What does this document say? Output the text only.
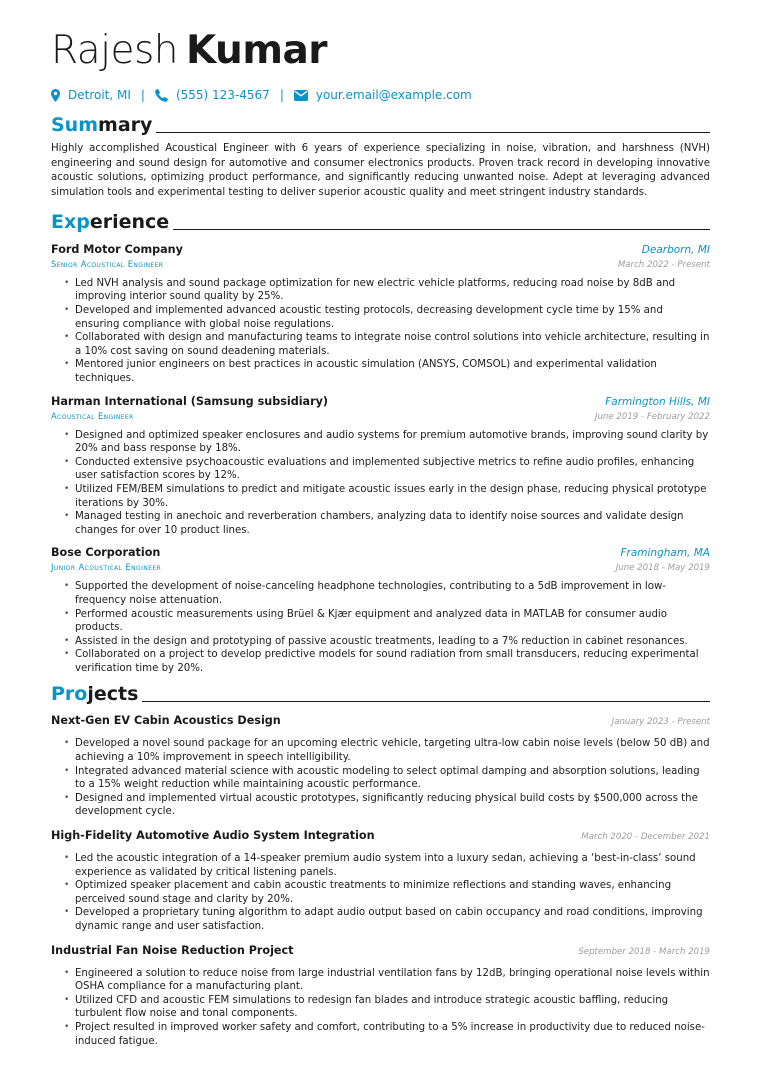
Rajesh Kumar
Detroit, MI |	(555) 123-4567 |	your.email@example.com
Summary

Highly accomplished Acoustical Engineer with 6 years of experience specializing in noise, vibration, and harshness (NVH) engineering and sound design for automotive and consumer electronics products. Proven track record in developing innovative acoustic solutions, optimizing product performance, and significantly reducing unwanted noise. Adept at leveraging advanced simulation tools and experimental testing to deliver superior acoustic quality and meet stringent industry standards.

Experience
Ford Motor Company	Dearborn, MI
Senior Acoustical Engineer	March 2022 - Present
• Led NVH analysis and sound package optimization for new electric vehicle platforms, reducing road noise by 8dB and improving interior sound quality by 25%.
• Developed and implemented advanced acoustic testing protocols, decreasing development cycle time by 15% and ensuring compliance with global noise regulations.
• Collaborated with design and manufacturing teams to integrate noise control solutions into vehicle architecture, resulting in a 10% cost saving on sound deadening materials.
• Mentored junior engineers on best practices in acoustic simulation (ANSYS, COMSOL) and experimental validation techniques.
Harman International (Samsung subsidiary)	Farmington Hills, MI
Acoustical Engineer	June 2019 - February 2022
• Designed and optimized speaker enclosures and audio systems for premium automotive brands, improving sound clarity by 20% and bass response by 18%.
• Conducted extensive psychoacoustic evaluations and implemented subjective metrics to refine audio profiles, enhancing user satisfaction scores by 12%.
• Utilized FEM/BEM simulations to predict and mitigate acoustic issues early in the design phase, reducing physical prototype iterations by 30%.
• Managed testing in anechoic and reverberation chambers, analyzing data to identify noise sources and validate design changes for over 10 product lines.
Bose Corporation	Framingham, MA
Junior Acoustical Engineer	June 2018 - May 2019
• Supported the development of noise-canceling headphone technologies, contributing to a 5dB improvement in low-frequency noise attenuation.
• Performed acoustic measurements using Brüel & Kjær equipment and analyzed data in MATLAB for consumer audio products.
• Assisted in the design and prototyping of passive acoustic treatments, leading to a 7% reduction in cabinet resonances.
• Collaborated on a project to develop predictive models for sound radiation from small transducers, reducing experimental verification time by 20%.
Projects
Next-Gen EV Cabin Acoustics Design	January 2023 - Present
• Developed a novel sound package for an upcoming electric vehicle, targeting ultra-low cabin noise levels (below 50 dB) and achieving a 10% improvement in speech intelligibility.
• Integrated advanced material science with acoustic modeling to select optimal damping and absorption solutions, leading to a 15% weight reduction while maintaining acoustic performance.
• Designed and implemented virtual acoustic prototypes, significantly reducing physical build costs by $500,000 across the development cycle.
High-Fidelity Automotive Audio System Integration	March 2020 - December 2021
• Led the acoustic integration of a 14-speaker premium audio system into a luxury sedan, achieving a ‘best-in-class’ sound experience as validated by critical listening panels.
• Optimized speaker placement and cabin acoustic treatments to minimize reflections and standing waves, enhancing perceived sound stage and clarity by 20%.
• Developed a proprietary tuning algorithm to adapt audio output based on cabin occupancy and road conditions, improving dynamic range and user satisfaction.
Industrial Fan Noise Reduction Project	September 2018 - March 2019
• Engineered a solution to reduce noise from large industrial ventilation fans by 12dB, bringing operational noise levels within OSHA compliance for a manufacturing plant.
• Utilized CFD and acoustic FEM simulations to redesign fan blades and introduce strategic acoustic baffling, reducing turbulent flow noise and tonal components.
• Project resulted in improved worker safety and comfort, contributing to a 5% increase in productivity due to reduced noise-induced fatigue.
